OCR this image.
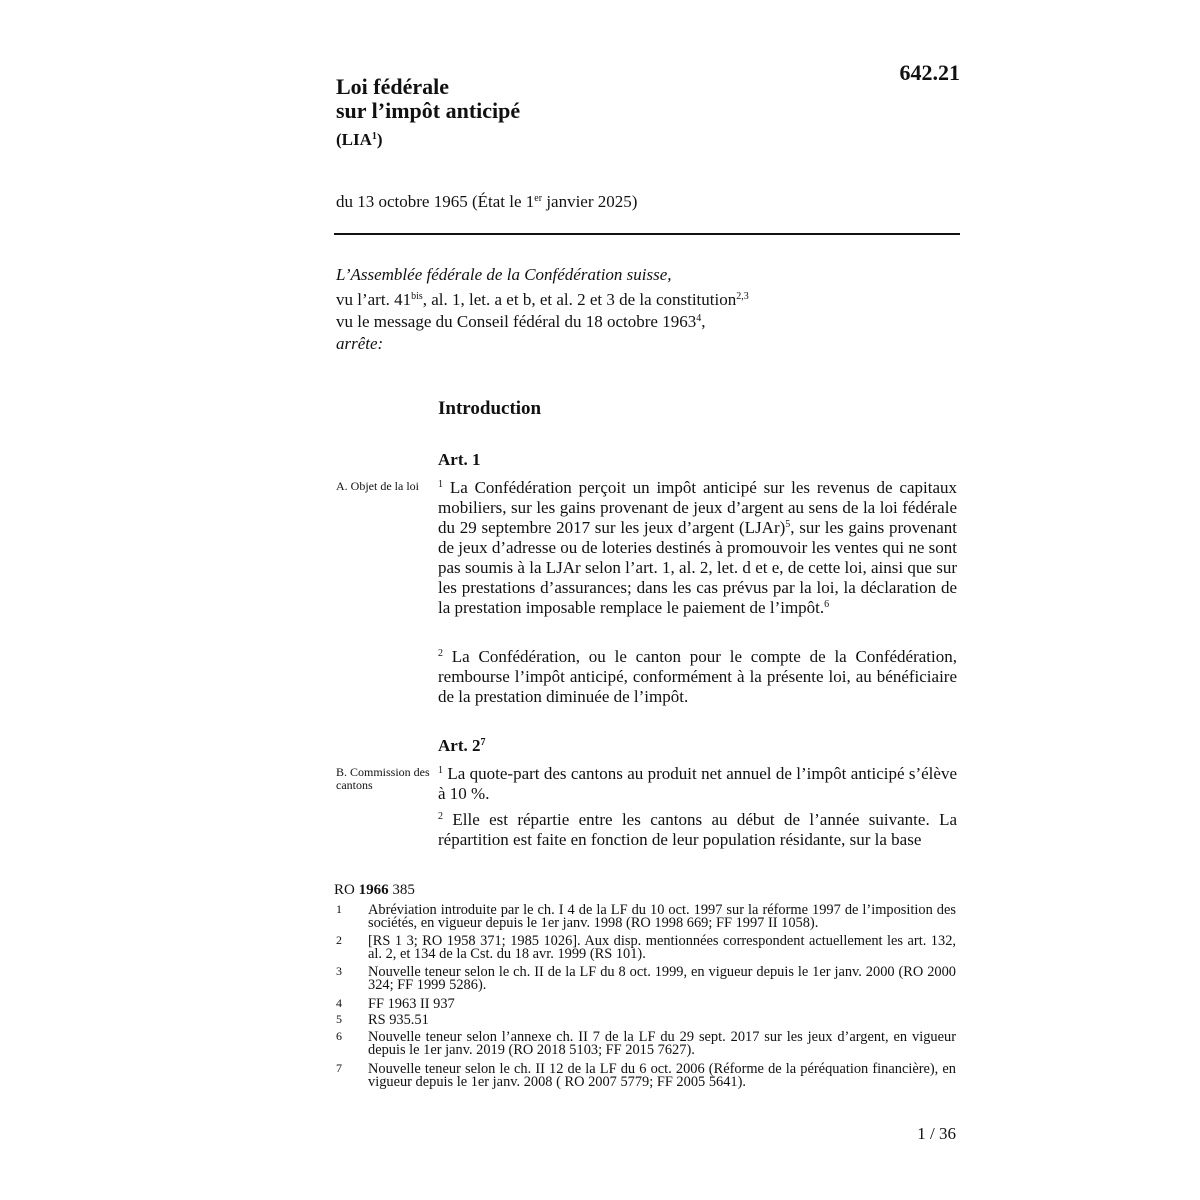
642.21
Loi fédérale
sur l’impôt anticipé
(LIA$^1$)
du 13 octobre 1965 (État le 1er janvier 2025)
L’Assemblée fédérale de la Confédération suisse,
vu l’art. $41^{bis}$, al. 1, let. a et b, et al. 2 et 3 de la constitution$^{2,3}$
vu le message du Conseil fédéral du 18 octobre 1963$^4$,
arrête:
Introduction
Art. 1
A. Objet de la loi	$^1$ La Confédération perçoit un impôt anticipé sur les revenus de capitaux mobiliers, sur les gains provenant de jeux d’argent au sens de la loi fédérale du 29 septembre 2017 sur les jeux d’argent (LJAr)$^5$, sur les gains provenant de jeux d’adresse ou de loteries destinés à promouvoir les ventes qui ne sont pas soumis à la LJAr selon l’art. 1, al. 2, let. d et e, de cette loi, ainsi que sur les prestations d’assurances; dans les cas prévus par la loi, la déclaration de la prestation imposable remplace le paiement de l’impôt.$^6$
$^2$ La Confédération, ou le canton pour le compte de la Confédération, rembourse l’impôt anticipé, conformément à la présente loi, au bénéficiaire de la prestation diminuée de l’impôt.
Art. $2^7$
B. Commission des cantons
$^1$ La quote-part des cantons au produit net annuel de l’impôt anticipé s’élève à 10 %.
$^2$ Elle est répartie entre les cantons au début de l’année suivante. La répartition est faite en fonction de leur population résidante, sur la base
RO 1966 385
1	Abréviation introduite par le ch. I 4 de la LF du 10 oct. 1997 sur la réforme 1997 de l’imposition des sociétés, en vigueur depuis le 1er janv. 1998 (RO 1998 669; FF 1997 II 1058).
2	[RS 1 3; RO 1958 371; 1985 1026]. Aux disp. mentionnées correspondent actuellement les art. 132, al. 2, et 134 de la Cst. du 18 avr. 1999 (RS 101).
3	Nouvelle teneur selon le ch. II de la LF du 8 oct. 1999, en vigueur depuis le 1er janv. 2000 (RO 2000 324; FF 1999 5286).
4	FF 1963 II 937
5	RS 935.51
6	Nouvelle teneur selon l’annexe ch. II 7 de la LF du 29 sept. 2017 sur les jeux d’argent, en vigueur depuis le 1er janv. 2019 (RO 2018 5103; FF 2015 7627).
7	Nouvelle teneur selon le ch. II 12 de la LF du 6 oct. 2006 (Réforme de la péréquation financière), en vigueur depuis le 1er janv. 2008 ( RO 2007 5779; FF 2005 5641).
1 / 36
